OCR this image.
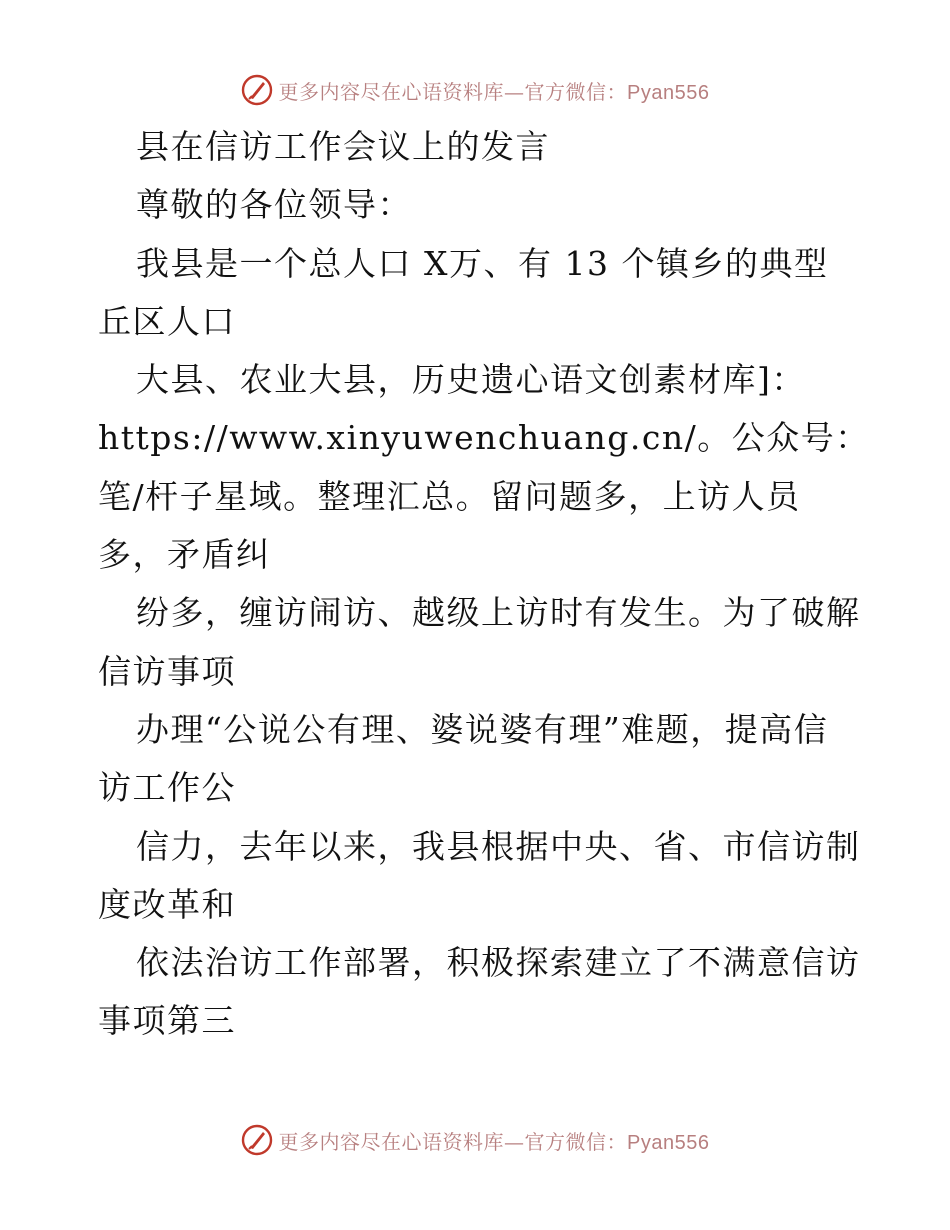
更多内容尽在心语资料库—官方微信：Pyan556
县在信访工作会议上的发言
尊敬的各位领导：
我县是一个总人口 X万、有 13 个镇乡的典型
丘区人口
大县、农业大县，历史遗心语文创素材库]：
https://www.xinyuwenchuang.cn/。公众号：
笔/杆子星域。整理汇总。留问题多，上访人员
多，矛盾纠
纷多，缠访闹访、越级上访时有发生。为了破解
信访事项
办理“公说公有理、婆说婆有理”难题，提高信
访工作公
信力，去年以来，我县根据中央、省、市信访制
度改革和
依法治访工作部署，积极探索建立了不满意信访
事项第三
更多内容尽在心语资料库—官方微信：Pyan556
